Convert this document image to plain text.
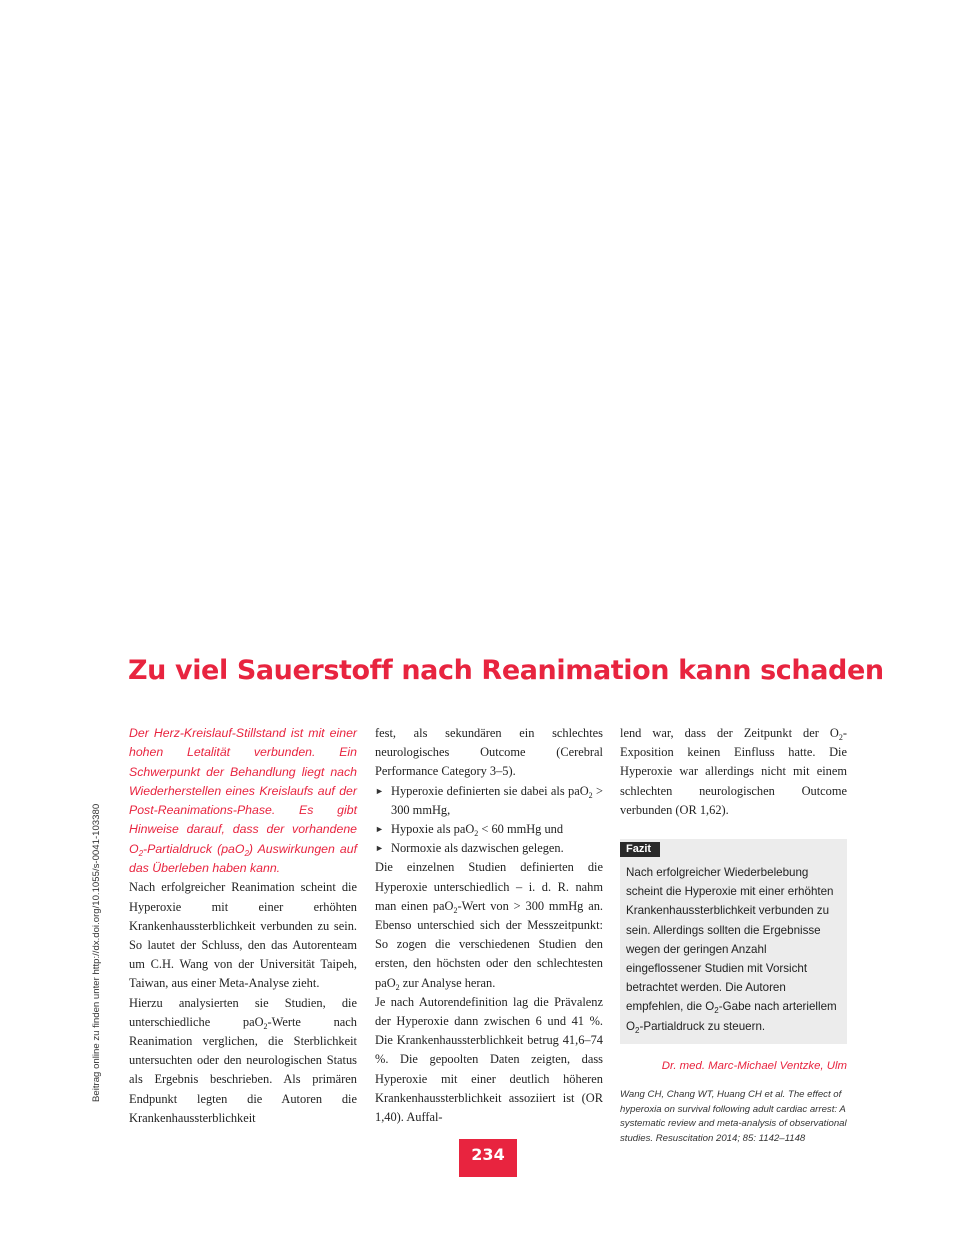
Beitrag online zu finden unter http://dx.doi.org/10.1055/s-0041-103380
Zu viel Sauerstoff nach Reanimation kann schaden

Der Herz-Kreislauf-Stillstand ist mit einer hohen Letalität verbunden. Ein Schwerpunkt der Behandlung liegt nach Wiederherstellen eines Kreislaufs auf der Post-Reanimations-Phase. Es gibt Hinweise darauf, dass der vorhandene $O_2$-Partialdruck (paO$_2$) Auswirkungen auf das Überleben haben kann.

Nach erfolgreicher Reanimation scheint die Hyperoxie mit einer erhöhten Krankenhaussterblichkeit verbunden zu sein. So lautet der Schluss, den das Autorenteam um C.H. Wang von der Universität Taipeh, Taiwan, aus einer Meta-Analyse zieht.

Hierzu analysierten sie Studien, die unterschiedliche paO$_2$-Werte nach Reanimation verglichen, die Sterblichkeit untersuchten oder den neurologischen Status als Ergebnis beschrieben. Als primären Endpunkt legten die Autoren die Krankenhaussterblichkeit

fest, als sekundären ein schlechtes neurologisches Outcome (Cerebral Performance Category 3–5).

► Hyperoxie definierten sie dabei als paO$_2$ > 300 mmHg,
► Hypoxie als paO$_2$ < 60 mmHg und
► Normoxie als dazwischen gelegen.

Die einzelnen Studien definierten die Hyperoxie unterschiedlich – i. d. R. nahm man einen paO$_2$-Wert von > 300 mmHg an. Ebenso unterschied sich der Messzeitpunkt: So zogen die verschiedenen Studien den ersten, den höchsten oder den schlechtesten paO$_2$ zur Analyse heran.

Je nach Autorendefinition lag die Prävalenz der Hyperoxie dann zwischen 6 und 41 %. Die Krankenhaussterblichkeit betrug 41,6–74 %. Die gepoolten Daten zeigten, dass Hyperoxie mit einer deutlich höheren Krankenhaussterblichkeit assoziiert ist (OR 1,40). Auffal-

lend war, dass der Zeitpunkt der $O_2$-Exposition keinen Einfluss hatte. Die Hyperoxie war allerdings nicht mit einem schlechten neurologischen Outcome verbunden (OR 1,62).

Fazit
Nach erfolgreicher Wiederbelebung scheint die Hyperoxie mit einer erhöhten Krankenhaussterblichkeit verbunden zu sein. Allerdings sollten die Ergebnisse wegen der geringen Anzahl eingeflossener Studien mit Vorsicht betrachtet werden. Die Autoren empfehlen, die $O_2$-Gabe nach arteriellem $O_2$-Partialdruck zu steuern.
Dr. med. Marc-Michael Ventzke, Ulm
Wang CH, Chang WT, Huang CH et al. The effect of hyperoxia on survival following adult cardiac arrest: A systematic review and meta-analysis of observational studies. Resuscitation 2014; 85: 1142–1148
234
